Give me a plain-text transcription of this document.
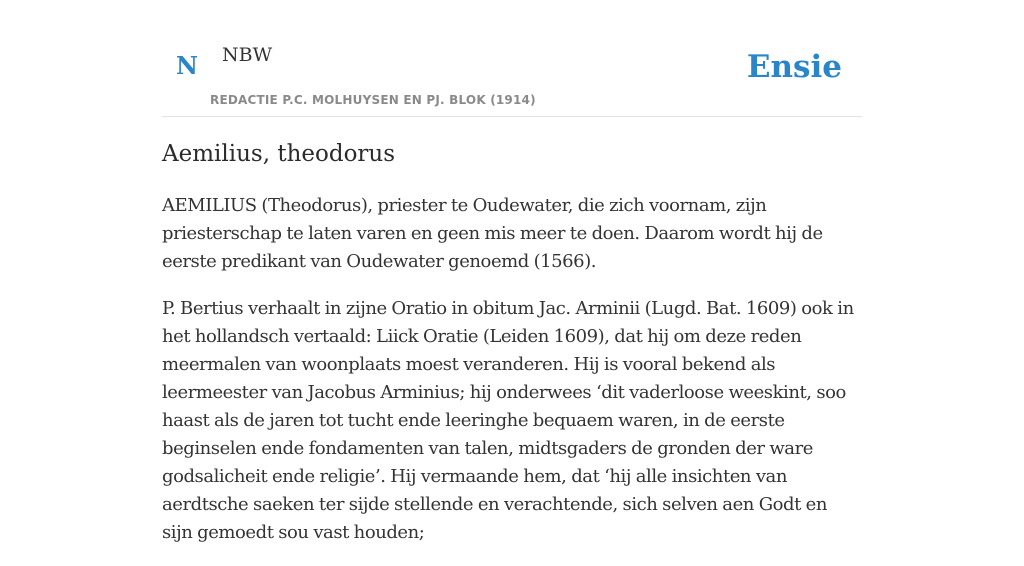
N NBW
REDACTIE P.C. MOLHUYSEN EN PJ. BLOK (1914)
Ensie
Aemilius, theodorus

AEMILIUS (Theodorus), priester te Oudewater, die zich voornam, zijn priesterschap te laten varen en geen mis meer te doen. Daarom wordt hij de eerste predikant van Oudewater genoemd (1566).

P. Bertius verhaalt in zijne Oratio in obitum Jac. Arminii (Lugd. Bat. 1609) ook in het hollandsch vertaald: Liick Oratie (Leiden 1609), dat hij om deze reden meermalen van woonplaats moest veranderen. Hij is vooral bekend als leermeester van Jacobus Arminius; hij onderwees ‘dit vaderloose weeskint, soo haast als de jaren tot tucht ende leeringhe bequaem waren, in de eerste beginselen ende fondamenten van talen, midtsgaders de gronden der ware godsalicheit ende religie’. Hij vermaande hem, dat ‘hij alle insichten van aerdtsche saeken ter sijde stellende en verachtende, sich selven aen Godt en sijn gemoedt sou vast houden;
